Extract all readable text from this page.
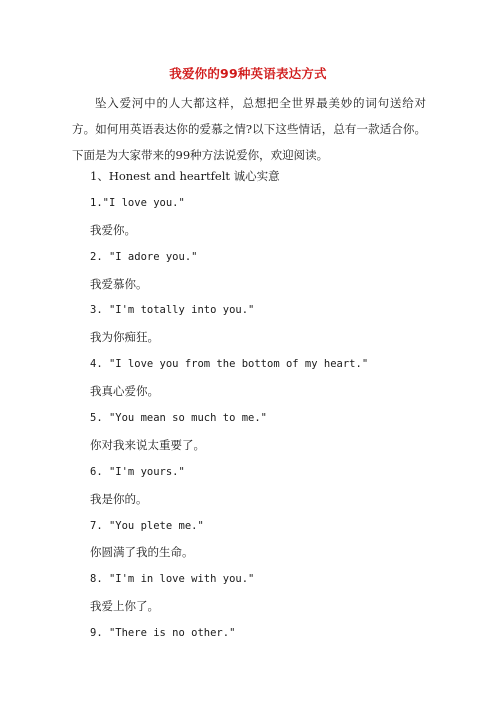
我爱你的99种英语表达方式
坠入爱河中的人大都这样，总想把全世界最美妙的词句送给对方。如何用英语表达你的爱慕之情?以下这些情话，总有一款适合你。下面是为大家带来的99种方法说爱你，欢迎阅读。
1、Honest and heartfelt 诚心实意
1."I love you."
我爱你。
2. "I adore you."
我爱慕你。
3. "I'm totally into you."
我为你痴狂。
4. "I love you from the bottom of my heart."
我真心爱你。
5. "You mean so much to me."
你对我来说太重要了。
6. "I'm yours."
我是你的。
7. "You plete me."
你圆满了我的生命。
8. "I'm in love with you."
我爱上你了。
9. "There is no other."
